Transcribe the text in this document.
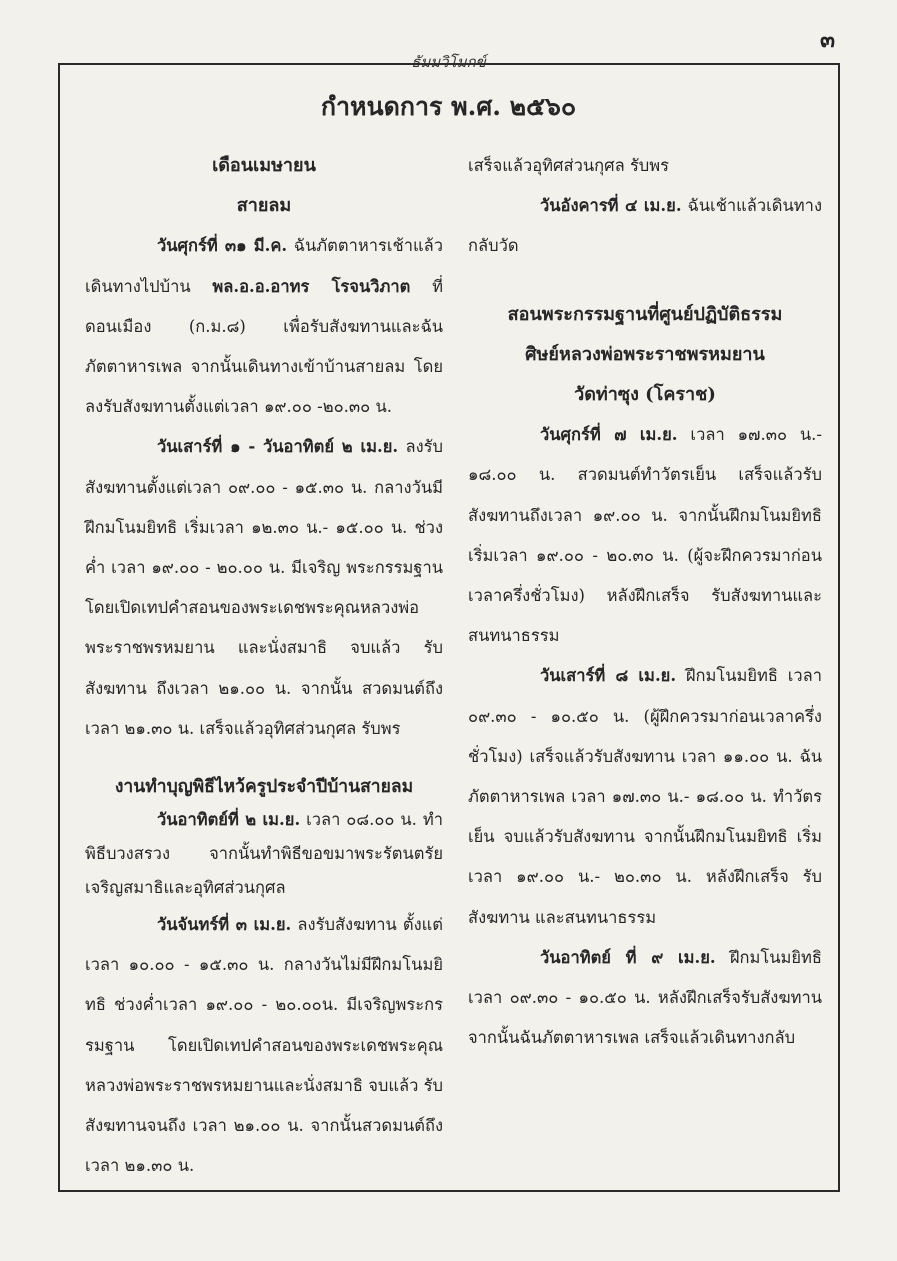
๓
ธัมมวิโมกข์
กำหนดการ พ.ศ. ๒๕๖๐

เดือนเมษายน

สายลม

วันศุกร์ที่ ๓๑ มี.ค. ฉันภัตตาหารเช้าแล้วเดินทางไปบ้าน พล.อ.อ.อาทร โรจนวิภาต ที่ดอนเมือง (ก.ม.๘) เพื่อรับสังฆทานและฉันภัตตาหารเพล จากนั้นเดินทางเข้าบ้านสายลม โดยลงรับสังฆทานตั้งแต่เวลา ๑๙.๐๐ -๒๐.๓๐ น.

วันเสาร์ที่ ๑ - วันอาทิตย์ ๒ เม.ย. ลงรับสังฆทานตั้งแต่เวลา ๐๙.๐๐ - ๑๕.๓๐ น. กลางวันมีฝึกมโนมยิทธิ เริ่มเวลา ๑๒.๓๐ น.- ๑๕.๐๐ น. ช่วงค่ำ เวลา ๑๙.๐๐ - ๒๐.๐๐ น. มีเจริญ พระกรรมฐาน โดยเปิดเทปคำสอนของพระเดชพระคุณหลวงพ่อพระราชพรหมยาน และนั่งสมาธิ จบแล้ว รับสังฆทาน ถึงเวลา ๒๑.๐๐ น. จากนั้น สวดมนต์ถึงเวลา ๒๑.๓๐ น. เสร็จแล้วอุทิศส่วนกุศล รับพร

งานทำบุญพิธีไหว้ครูประจำปีบ้านสายลม

วันอาทิตย์ที่ ๒ เม.ย. เวลา ๐๘.๐๐ น. ทำพิธีบวงสรวง จากนั้นทำพิธีขอขมาพระรัตนตรัย เจริญสมาธิและอุทิศส่วนกุศล

วันจันทร์ที่ ๓ เม.ย. ลงรับสังฆทาน ตั้งแต่เวลา ๑๐.๐๐ - ๑๕.๓๐ น. กลางวันไม่มีฝึกมโนมยิทธิ ช่วงค่ำเวลา ๑๙.๐๐ - ๒๐.๐๐น. มีเจริญพระกรรมฐาน โดยเปิดเทปคำสอนของพระเดชพระคุณหลวงพ่อพระราชพรหมยานและนั่งสมาธิ จบแล้ว รับสังฆทานจนถึง เวลา ๒๑.๐๐ น. จากนั้นสวดมนต์ถึงเวลา ๒๑.๓๐ น.

เสร็จแล้วอุทิศส่วนกุศล รับพร

วันอังคารที่ ๔ เม.ย. ฉันเช้าแล้วเดินทางกลับวัด

สอนพระกรรมฐานที่ศูนย์ปฏิบัติธรรม

ศิษย์หลวงพ่อพระราชพรหมยาน

วัดท่าซุง (โคราช)

วันศุกร์ที่ ๗ เม.ย. เวลา ๑๗.๓๐ น.- ๑๘.๐๐ น. สวดมนต์ทำวัตรเย็น เสร็จแล้วรับสังฆทานถึงเวลา ๑๙.๐๐ น. จากนั้นฝึกมโนมยิทธิ เริ่มเวลา ๑๙.๐๐ - ๒๐.๓๐ น. (ผู้จะฝึกควรมาก่อนเวลาครึ่งชั่วโมง) หลังฝึกเสร็จ รับสังฆทานและสนทนาธรรม

วันเสาร์ที่ ๘ เม.ย. ฝึกมโนมยิทธิ เวลา ๐๙.๓๐ - ๑๐.๕๐ น. (ผู้ฝึกควรมาก่อนเวลาครึ่งชั่วโมง) เสร็จแล้วรับสังฆทาน เวลา ๑๑.๐๐ น. ฉันภัตตาหารเพล เวลา ๑๗.๓๐ น.- ๑๘.๐๐ น. ทำวัตรเย็น จบแล้วรับสังฆทาน จากนั้นฝึกมโนมยิทธิ เริ่มเวลา ๑๙.๐๐ น.- ๒๐.๓๐ น. หลังฝึกเสร็จ รับสังฆทาน และสนทนาธรรม

วันอาทิตย์ ที่ ๙ เม.ย. ฝึกมโนมยิทธิ เวลา ๐๙.๓๐ - ๑๐.๕๐ น. หลังฝึกเสร็จรับสังฆทาน จากนั้นฉันภัตตาหารเพล เสร็จแล้วเดินทางกลับ
